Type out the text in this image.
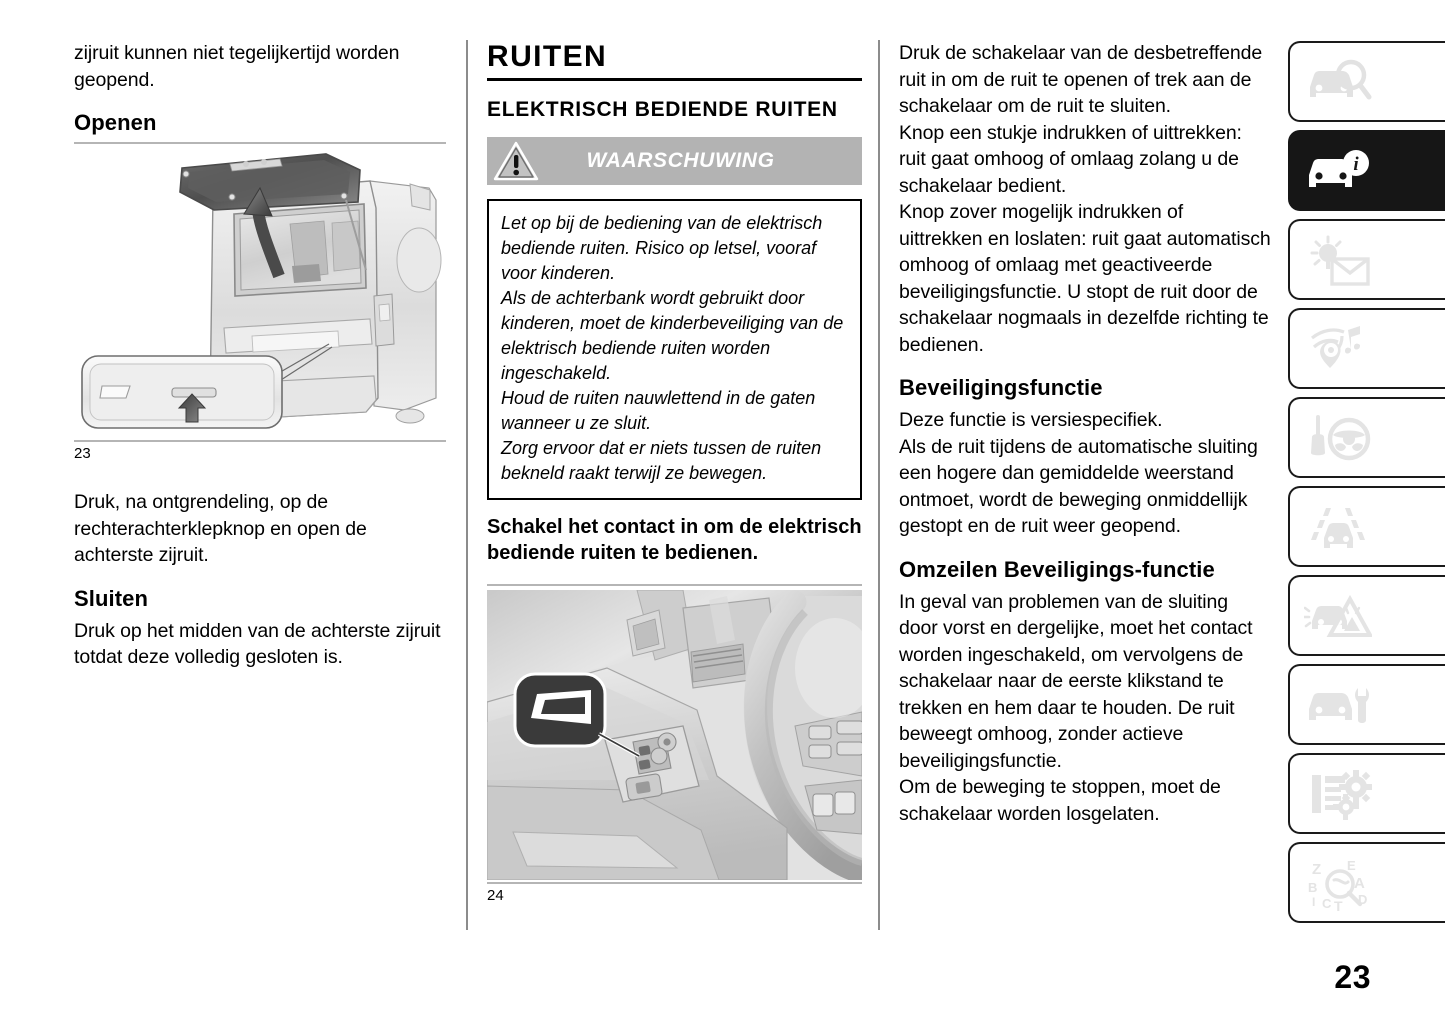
zijruit kunnen niet tegelijkertijd worden geopend.

Openen
23

Druk, na ontgrendeling, op de rechterachterklepknop en open de achterste zijruit.

Sluiten

Druk op het midden van de achterste zijruit totdat deze volledig gesloten is.

RUITEN
ELEKTRISCH BEDIENDE RUITEN
WAARSCHUWING

Let op bij de bediening van de elektrisch bediende ruiten. Risico op letsel, vooraf voor kinderen.

Als de achterbank wordt gebruikt door kinderen, moet de kinderbeveiliging van de elektrisch bediende ruiten worden ingeschakeld.

Houd de ruiten nauwlettend in de gaten wanneer u ze sluit.

Zorg ervoor dat er niets tussen de ruiten bekneld raakt terwijl ze bewegen.

Schakel het contact in om de elektrisch bediende ruiten te bedienen.

24

Druk de schakelaar van de desbetreffende ruit in om de ruit te openen of trek aan de schakelaar om de ruit te sluiten.

Knop een stukje indrukken of uittrekken: ruit gaat omhoog of omlaag zolang u de schakelaar bedient.

Knop zover mogelijk indrukken of uittrekken en loslaten: ruit gaat automatisch omhoog of omlaag met geactiveerde beveiligingsfunctie. U stopt de ruit door de schakelaar nogmaals in dezelfde richting te bedienen.

Beveiligingsfunctie

Deze functie is versiespecifiek.

Als de ruit tijdens de automatische sluiting een hogere dan gemiddelde weerstand ontmoet, wordt de beweging onmiddellijk gestopt en de ruit weer geopend.

Omzeilen Beveiligings-functie

In geval van problemen van de sluiting door vorst en dergelijke, moet het contact worden ingeschakeld, om vervolgens de schakelaar naar de eerste klikstand te trekken en hem daar te houden. De ruit beweegt omhoog, zonder actieve beveiligingsfunctie.

Om de beweging te stoppen, moet de schakelaar worden losgelaten.

i
Z
B
I C T
E
A
D
23
